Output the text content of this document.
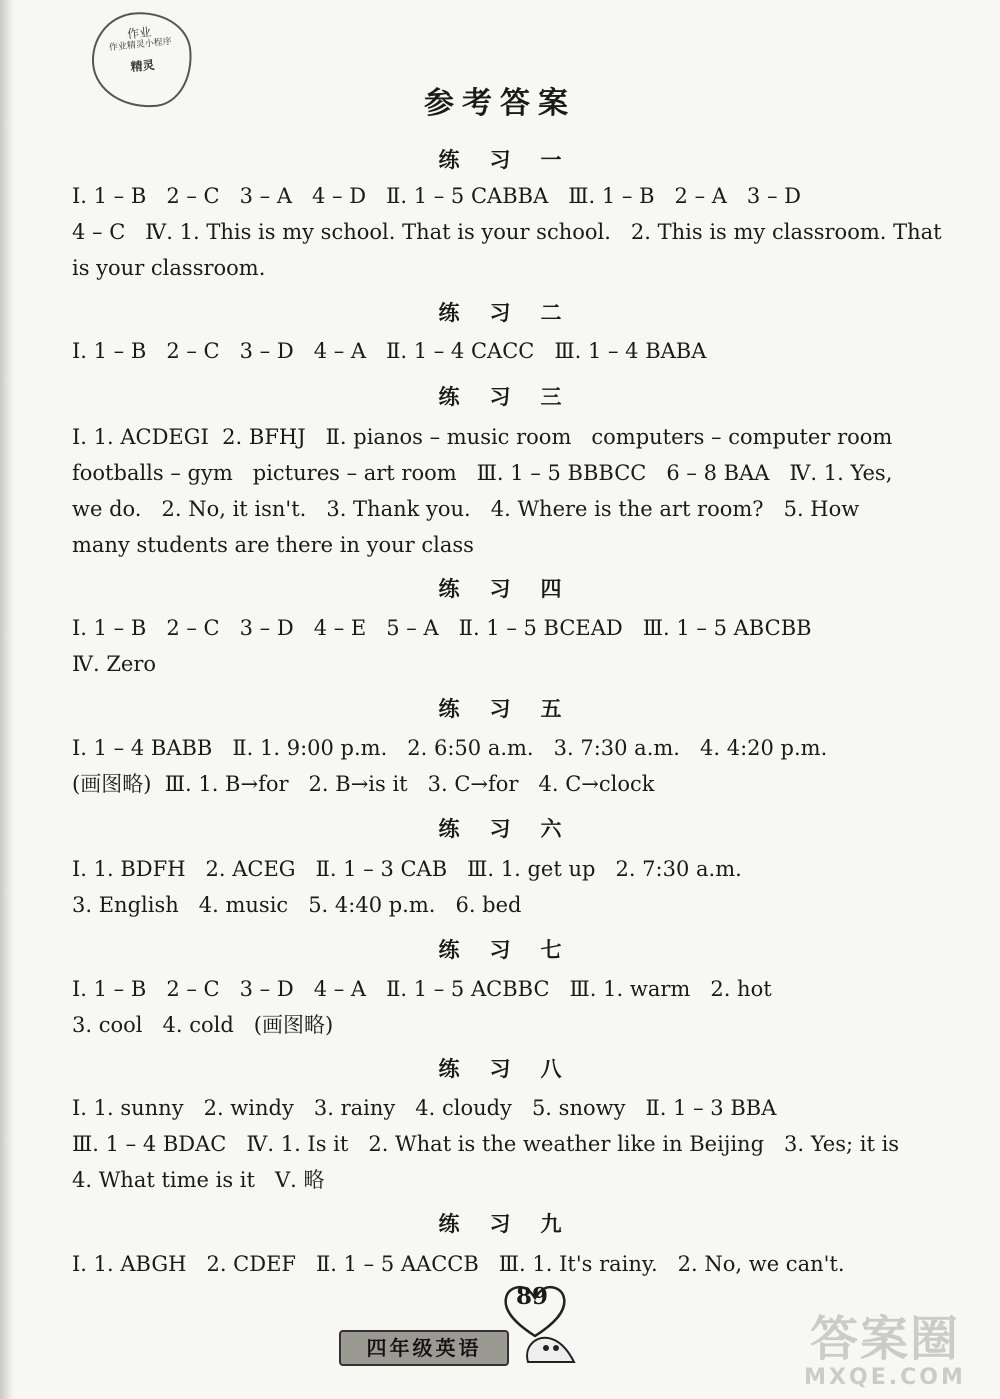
作业
作业精灵小程序
精灵
参考答案
练习一
Ⅰ. 1 – B   2 – C   3 – A   4 – D   Ⅱ. 1 – 5 CABBA   Ⅲ. 1 – B   2 – A   3 – D
4 – C   Ⅳ. 1. This is my school. That is your school.   2. This is my classroom. That
is your classroom.
练习二
Ⅰ. 1 – B   2 – C   3 – D   4 – A   Ⅱ. 1 – 4 CACC   Ⅲ. 1 – 4 BABA
练习三
Ⅰ. 1. ACDEGI  2. BFHJ   Ⅱ. pianos – music room   computers – computer room
footballs – gym   pictures – art room   Ⅲ. 1 – 5 BBBCC   6 – 8 BAA   Ⅳ. 1. Yes,
we do.   2. No, it isn't.   3. Thank you.   4. Where is the art room?   5. How
many students are there in your class
练习四
Ⅰ. 1 – B   2 – C   3 – D   4 – E   5 – A   Ⅱ. 1 – 5 BCEAD   Ⅲ. 1 – 5 ABCBB
Ⅳ. Zero
练习五
Ⅰ. 1 – 4 BABB   Ⅱ. 1. 9:00 p.m.   2. 6:50 a.m.   3. 7:30 a.m.   4. 4:20 p.m.
(画图略)  Ⅲ. 1. B→for   2. B→is it   3. C→for   4. C→clock
练习六
Ⅰ. 1. BDFH   2. ACEG   Ⅱ. 1 – 3 CAB   Ⅲ. 1. get up   2. 7:30 a.m.
3. English   4. music   5. 4:40 p.m.   6. bed
练习七
Ⅰ. 1 – B   2 – C   3 – D   4 – A   Ⅱ. 1 – 5 ACBBC   Ⅲ. 1. warm   2. hot
3. cool   4. cold   (画图略)
练习八
Ⅰ. 1. sunny   2. windy   3. rainy   4. cloudy   5. snowy   Ⅱ. 1 – 3 BBA
Ⅲ. 1 – 4 BDAC   Ⅳ. 1. Is it   2. What is the weather like in Beijing   3. Yes; it is
4. What time is it   Ⅴ. 略
练习九
Ⅰ. 1. ABGH   2. CDEF   Ⅱ. 1 – 5 AACCB   Ⅲ. 1. It's rainy.   2. No, we can't.
89
四年级英语	答案圈
MXQE.COM
